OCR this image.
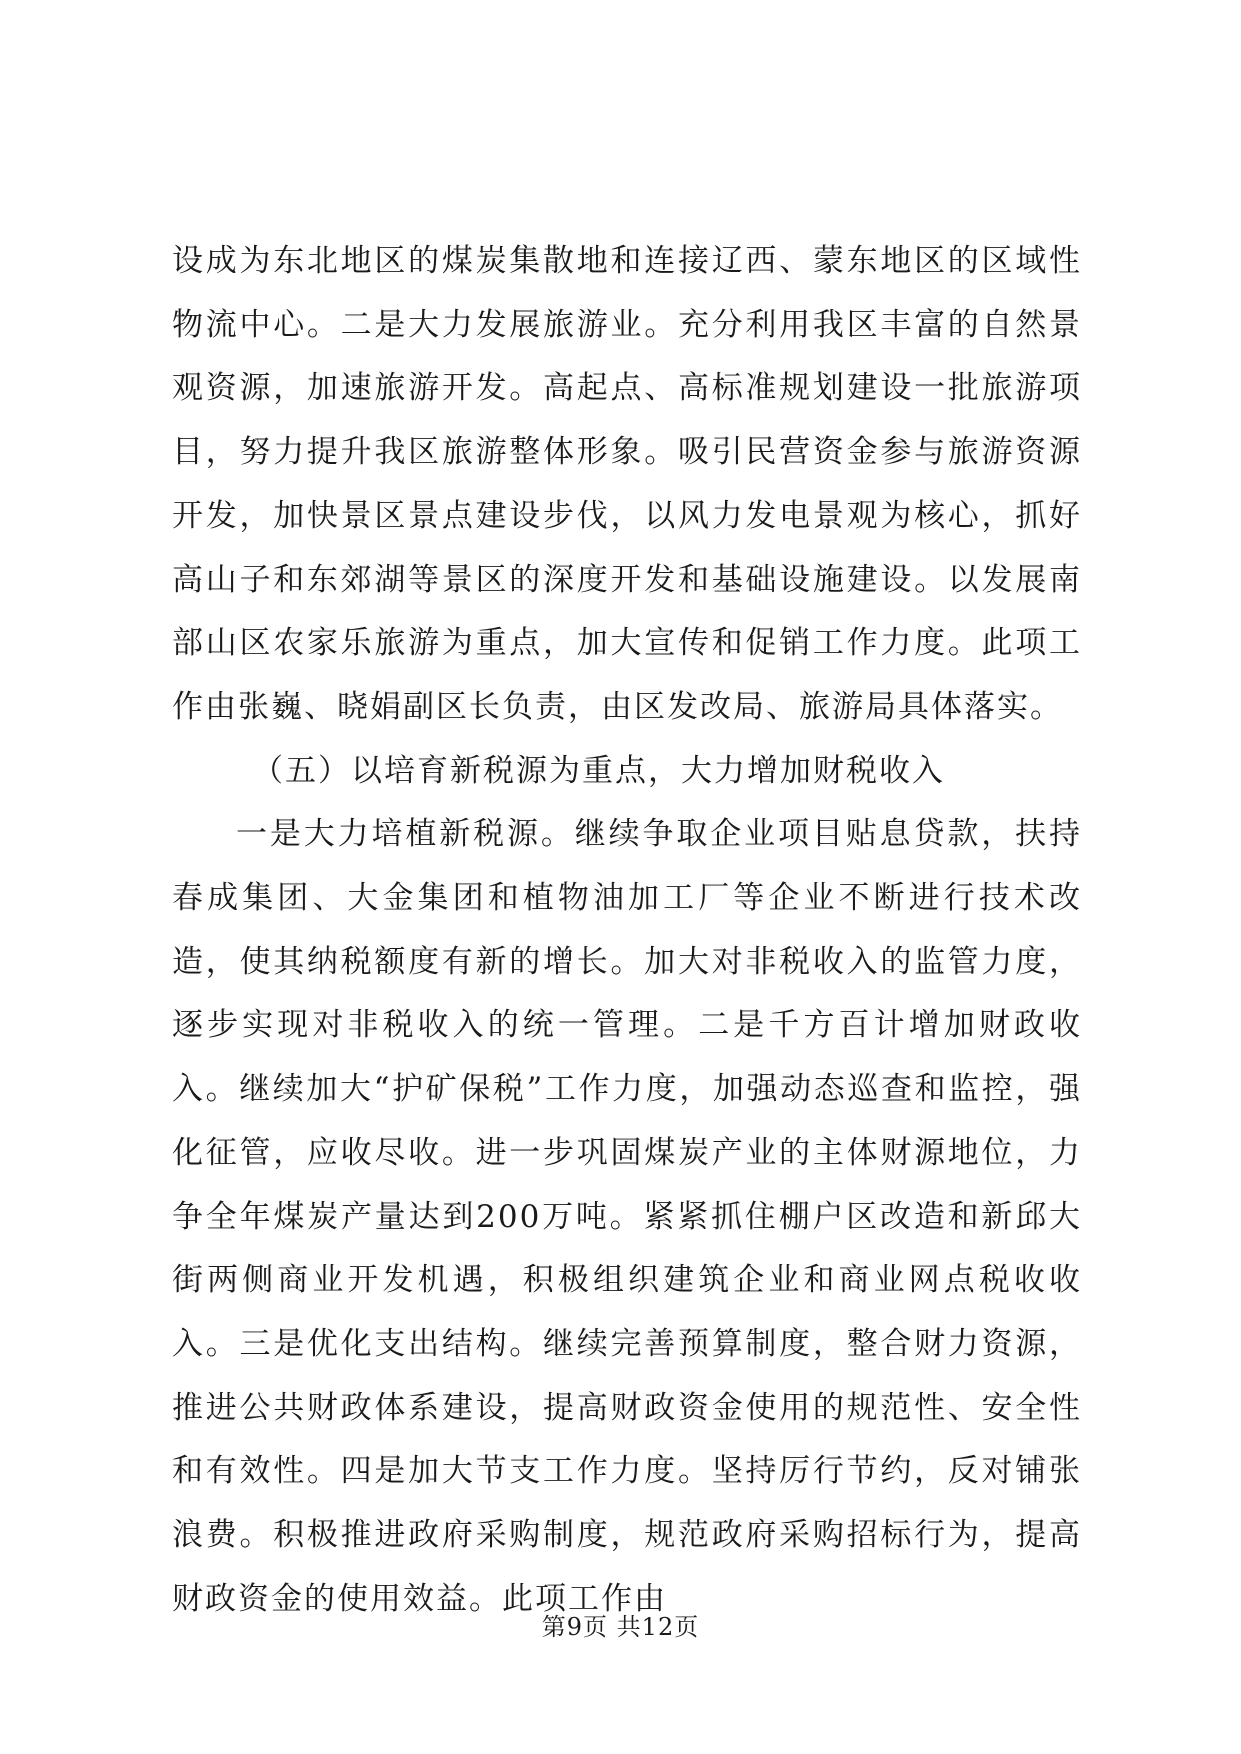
设成为东北地区的煤炭集散地和连接辽西、蒙东地区的区域性物流中心。二是大力发展旅游业。充分利用我区丰富的自然景观资源，加速旅游开发。高起点、高标准规划建设一批旅游项目，努力提升我区旅游整体形象。吸引民营资金参与旅游资源开发，加快景区景点建设步伐，以风力发电景观为核心，抓好高山子和东郊湖等景区的深度开发和基础设施建设。以发展南部山区农家乐旅游为重点，加大宣传和促销工作力度。此项工作由张巍、晓娟副区长负责，由区发改局、旅游局具体落实。

（五）以培育新税源为重点，大力增加财税收入

一是大力培植新税源。继续争取企业项目贴息贷款，扶持春成集团、大金集团和植物油加工厂等企业不断进行技术改造，使其纳税额度有新的增长。加大对非税收入的监管力度，逐步实现对非税收入的统一管理。二是千方百计增加财政收入。继续加大“护矿保税”工作力度，加强动态巡查和监控，强化征管，应收尽收。进一步巩固煤炭产业的主体财源地位，力争全年煤炭产量达到200万吨。紧紧抓住棚户区改造和新邱大街两侧商业开发机遇，积极组织建筑企业和商业网点税收收入。三是优化支出结构。继续完善预算制度，整合财力资源，推进公共财政体系建设，提高财政资金使用的规范性、安全性和有效性。四是加大节支工作力度。坚持厉行节约，反对铺张浪费。积极推进政府采购制度，规范政府采购招标行为，提高财政资金的使用效益。此项工作由

第9页 共12页
